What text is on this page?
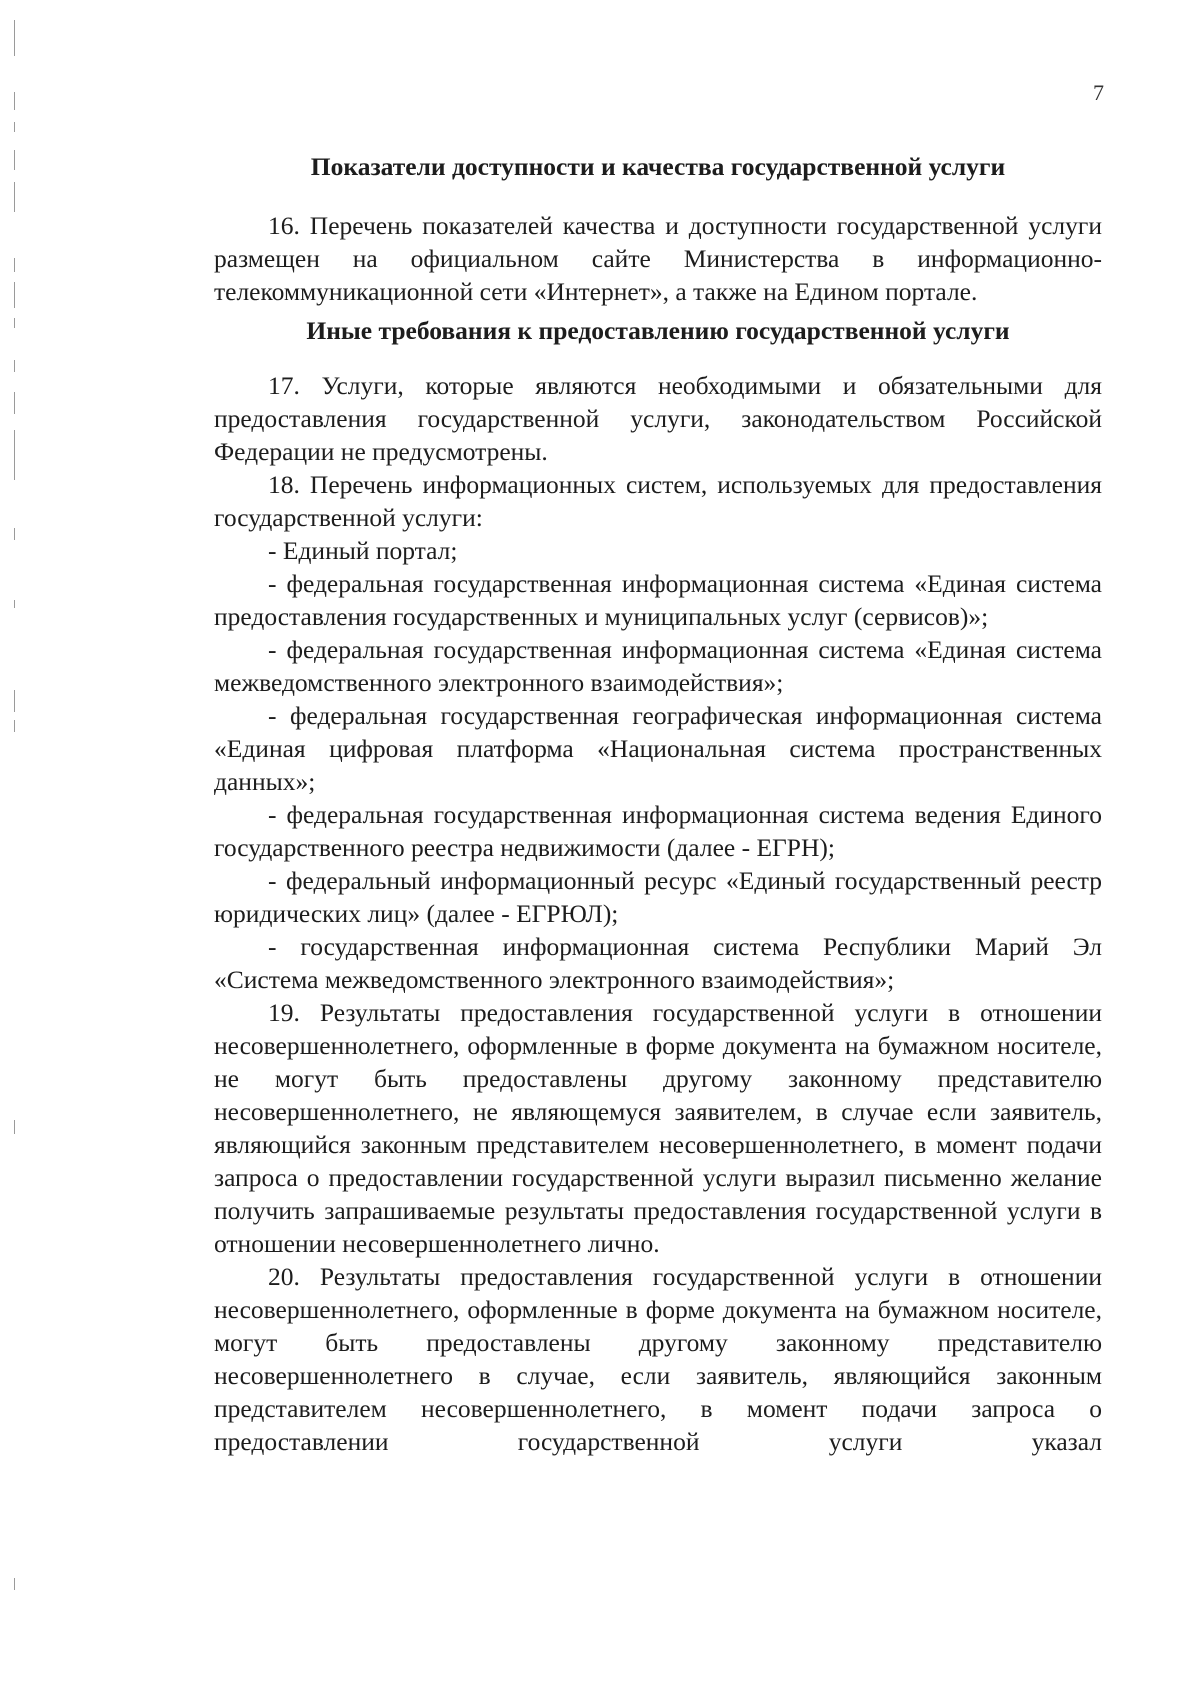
7
Показатели доступности и качества государственной услуги

16. Перечень показателей качества и доступности государственной услуги размещен на официальном сайте Министерства в информационно-телекоммуникационной сети «Интернет», а также на Едином портале.

Иные требования к предоставлению государственной услуги

17. Услуги, которые являются необходимыми и обязательными для предоставления государственной услуги, законодательством Российской Федерации не предусмотрены.

18. Перечень информационных систем, используемых для предоставления государственной услуги:

- Единый портал;

- федеральная государственная информационная система «Единая система предоставления государственных и муниципальных услуг (сервисов)»;

- федеральная государственная информационная система «Единая система межведомственного электронного взаимодействия»;

- федеральная государственная географическая информационная система «Единая цифровая платформа «Национальная система пространственных данных»;

- федеральная государственная информационная система ведения Единого государственного реестра недвижимости (далее - ЕГРН);

- федеральный информационный ресурс «Единый государственный реестр юридических лиц» (далее - ЕГРЮЛ);

- государственная информационная система Республики Марий Эл «Система межведомственного электронного взаимодействия»;

19. Результаты предоставления государственной услуги в отношении несовершеннолетнего, оформленные в форме документа на бумажном носителе, не могут быть предоставлены другому законному представителю несовершеннолетнего, не являющемуся заявителем, в случае если заявитель, являющийся законным представителем несовершеннолетнего, в момент подачи запроса о предоставлении государственной услуги выразил письменно желание получить запрашиваемые результаты предоставления государственной услуги в отношении несовершеннолетнего лично.

20. Результаты предоставления государственной услуги в отношении несовершеннолетнего, оформленные в форме документа на бумажном носителе, могут быть предоставлены другому законному представителю несовершеннолетнего в случае, если заявитель, являющийся законным представителем несовершеннолетнего, в момент подачи запроса о предоставлении государственной услуги указал
